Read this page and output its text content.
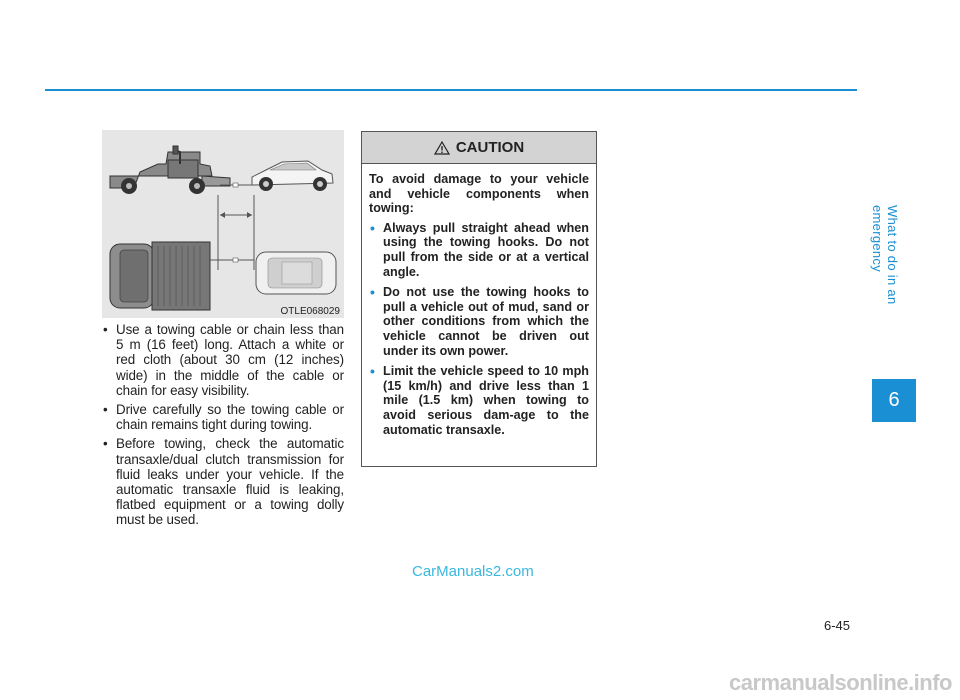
OTLE068029
• Use a towing cable or chain less than 5 m (16 feet) long. Attach a white or red cloth (about 30 cm (12 inches) wide) in the middle of the cable or chain for easy visibility.
• Drive carefully so the towing cable or chain remains tight during towing.
• Before towing, check the automatic transaxle/dual clutch transmission for fluid leaks under your vehicle. If the automatic transaxle fluid is leaking, flatbed equipment or a towing dolly must be used.
CAUTION

To avoid damage to your vehicle and vehicle components when towing:

• Always pull straight ahead when using the towing hooks. Do not pull from the side or at a vertical angle.
• Do not use the towing hooks to pull a vehicle out of mud, sand or other conditions from which the vehicle cannot be driven out under its own power.
• Limit the vehicle speed to 10 mph (15 km/h) and drive less than 1 mile (1.5 km) when towing to avoid serious dam-age to the automatic transaxle.
What to do in an emergency
6
CarManuals2.com
6-45
carmanualsonline.info
